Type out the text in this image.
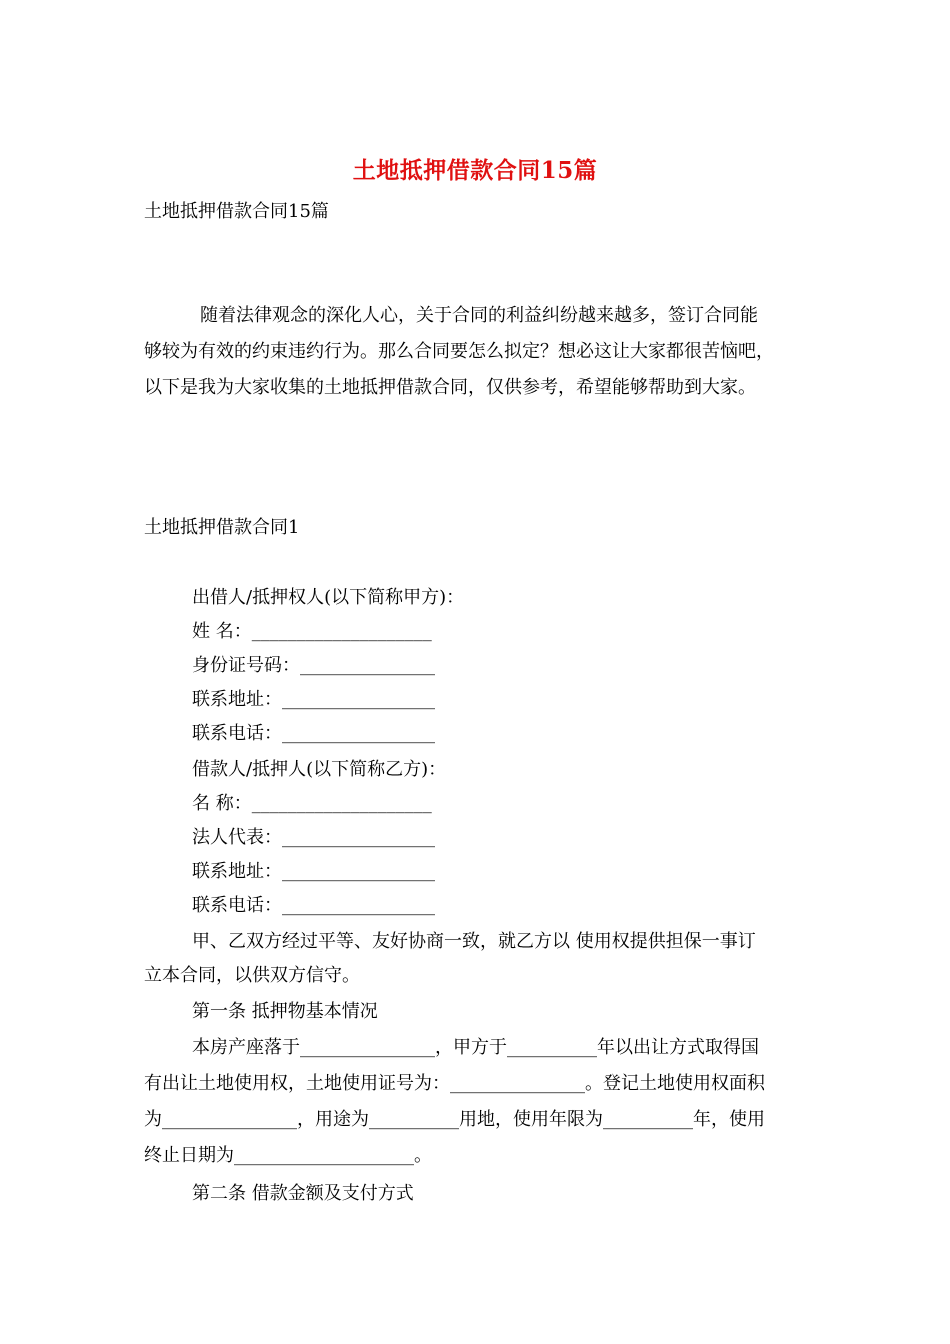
土地抵押借款合同15篇
土地抵押借款合同15篇
随着法律观念的深化人心，关于合同的利益纠纷越来越多，签订合同能
够较为有效的约束违约行为。那么合同要怎么拟定？想必这让大家都很苦恼吧，
以下是我为大家收集的土地抵押借款合同，仅供参考，希望能够帮助到大家。
土地抵押借款合同1
出借人/抵押权人(以下简称甲方)：
姓 名：____________________
身份证号码：_______________
联系地址：_________________
联系电话：_________________
借款人/抵押人(以下简称乙方)：
名 称：____________________
法人代表：_________________
联系地址：_________________
联系电话：_________________
甲、乙双方经过平等、友好协商一致，就乙方以 使用权提供担保一事订
立本合同，以供双方信守。
第一条 抵押物基本情况
本房产座落于_______________，甲方于__________年以出让方式取得国
有出让土地使用权，土地使用证号为：_______________。登记土地使用权面积
为_______________，用途为__________用地，使用年限为__________年，使用
终止日期为____________________。
第二条 借款金额及支付方式
